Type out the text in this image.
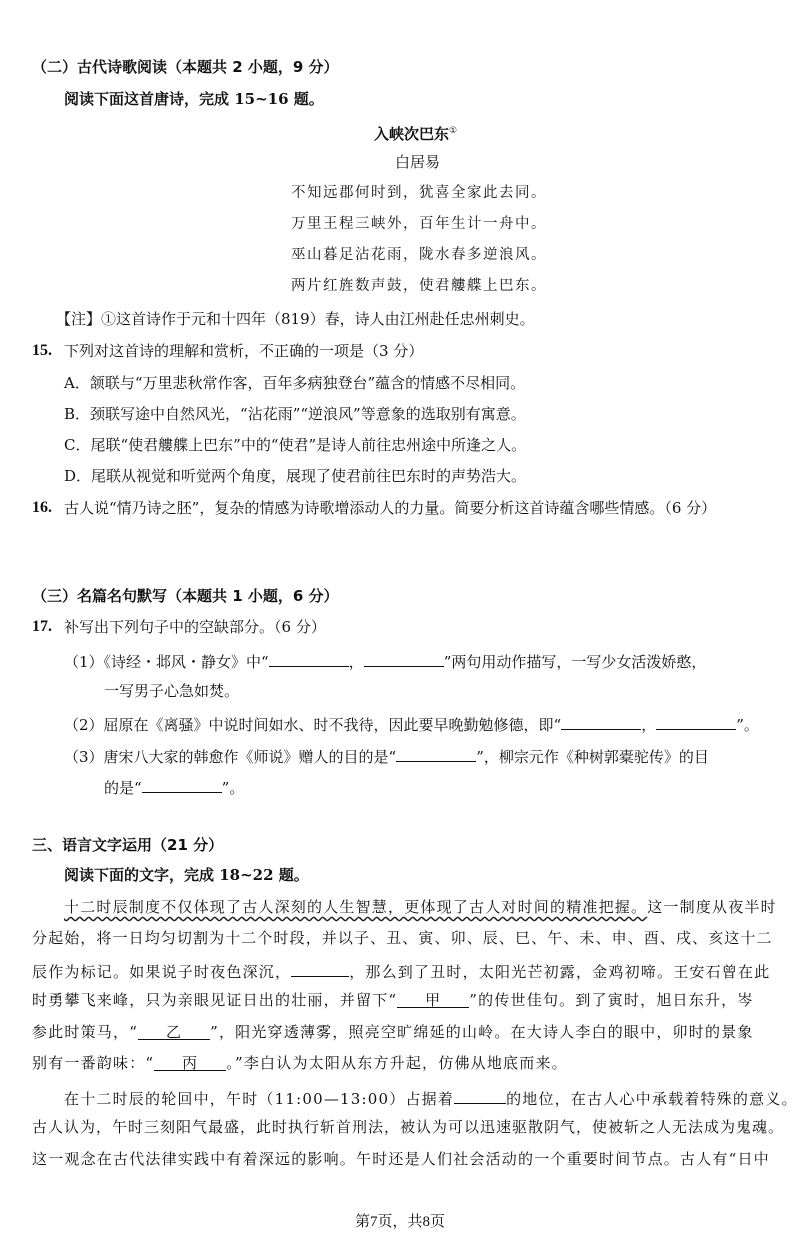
（二）古代诗歌阅读（本题共 2 小题，9 分）
阅读下面这首唐诗，完成 15~16 题。
入峡次巴东①
白居易
不知远郡何时到，犹喜全家此去同。
万里王程三峡外，百年生计一舟中。
巫山暮足沾花雨，陇水春多逆浪风。
两片红旌数声鼓，使君艛艓上巴东。
【注】①这首诗作于元和十四年（819）春，诗人由江州赴任忠州刺史。
15. 下列对这首诗的理解和赏析，不正确的一项是（3 分）
A．颔联与“万里悲秋常作客，百年多病独登台”蕴含的情感不尽相同。
B．颈联写途中自然风光，“沾花雨”“逆浪风”等意象的选取别有寓意。
C．尾联“使君艛艓上巴东”中的“使君”是诗人前往忠州途中所逢之人。
D．尾联从视觉和听觉两个角度，展现了使君前往巴东时的声势浩大。
16. 古人说“情乃诗之胚”，复杂的情感为诗歌增添动人的力量。简要分析这首诗蕴含哪些情感。（6 分）
（三）名篇名句默写（本题共 1 小题，6 分）
17. 补写出下列句子中的空缺部分。（6 分）
（1）《诗经・邶风・静女》中“	，	”两句用动作描写，一写少女活泼娇憨，
一写男子心急如焚。
（2）屈原在《离骚》中说时间如水、时不我待，因此要早晚勤勉修德，即“	，	”。
（3）唐宋八大家的韩愈作《师说》赠人的目的是“	”，柳宗元作《种树郭橐驼传》的目
的是“	”。
三、语言文字运用（21 分）
阅读下面的文字，完成 18~22 题。
十二时辰制度不仅体现了古人深刻的人生智慧，更体现了古人对时间的精准把握。这一制度从夜半时
分起始，将一日均匀切割为十二个时段，并以子、丑、寅、卯、辰、巳、午、未、申、酉、戌、亥这十二
辰作为标记。如果说子时夜色深沉，	，那么到了丑时，太阳光芒初露，金鸡初啼。王安石曾在此
时勇攀飞来峰，只为亲眼见证日出的壮丽，并留下“ 甲 ”的传世佳句。到了寅时，旭日东升，岑
参此时策马，“ 乙 ”，阳光穿透薄雾，照亮空旷绵延的山岭。在大诗人李白的眼中，卯时的景象
别有一番韵味：“ 丙 。”李白认为太阳从东方升起，仿佛从地底而来。
在十二时辰的轮回中，午时（11:00—13:00）占据着	的地位，在古人心中承载着特殊的意义。
古人认为，午时三刻阳气最盛，此时执行斩首刑法，被认为可以迅速驱散阴气，使被斩之人无法成为鬼魂。
这一观念在古代法律实践中有着深远的影响。午时还是人们社会活动的一个重要时间节点。古人有“日中
第7页，共8页
